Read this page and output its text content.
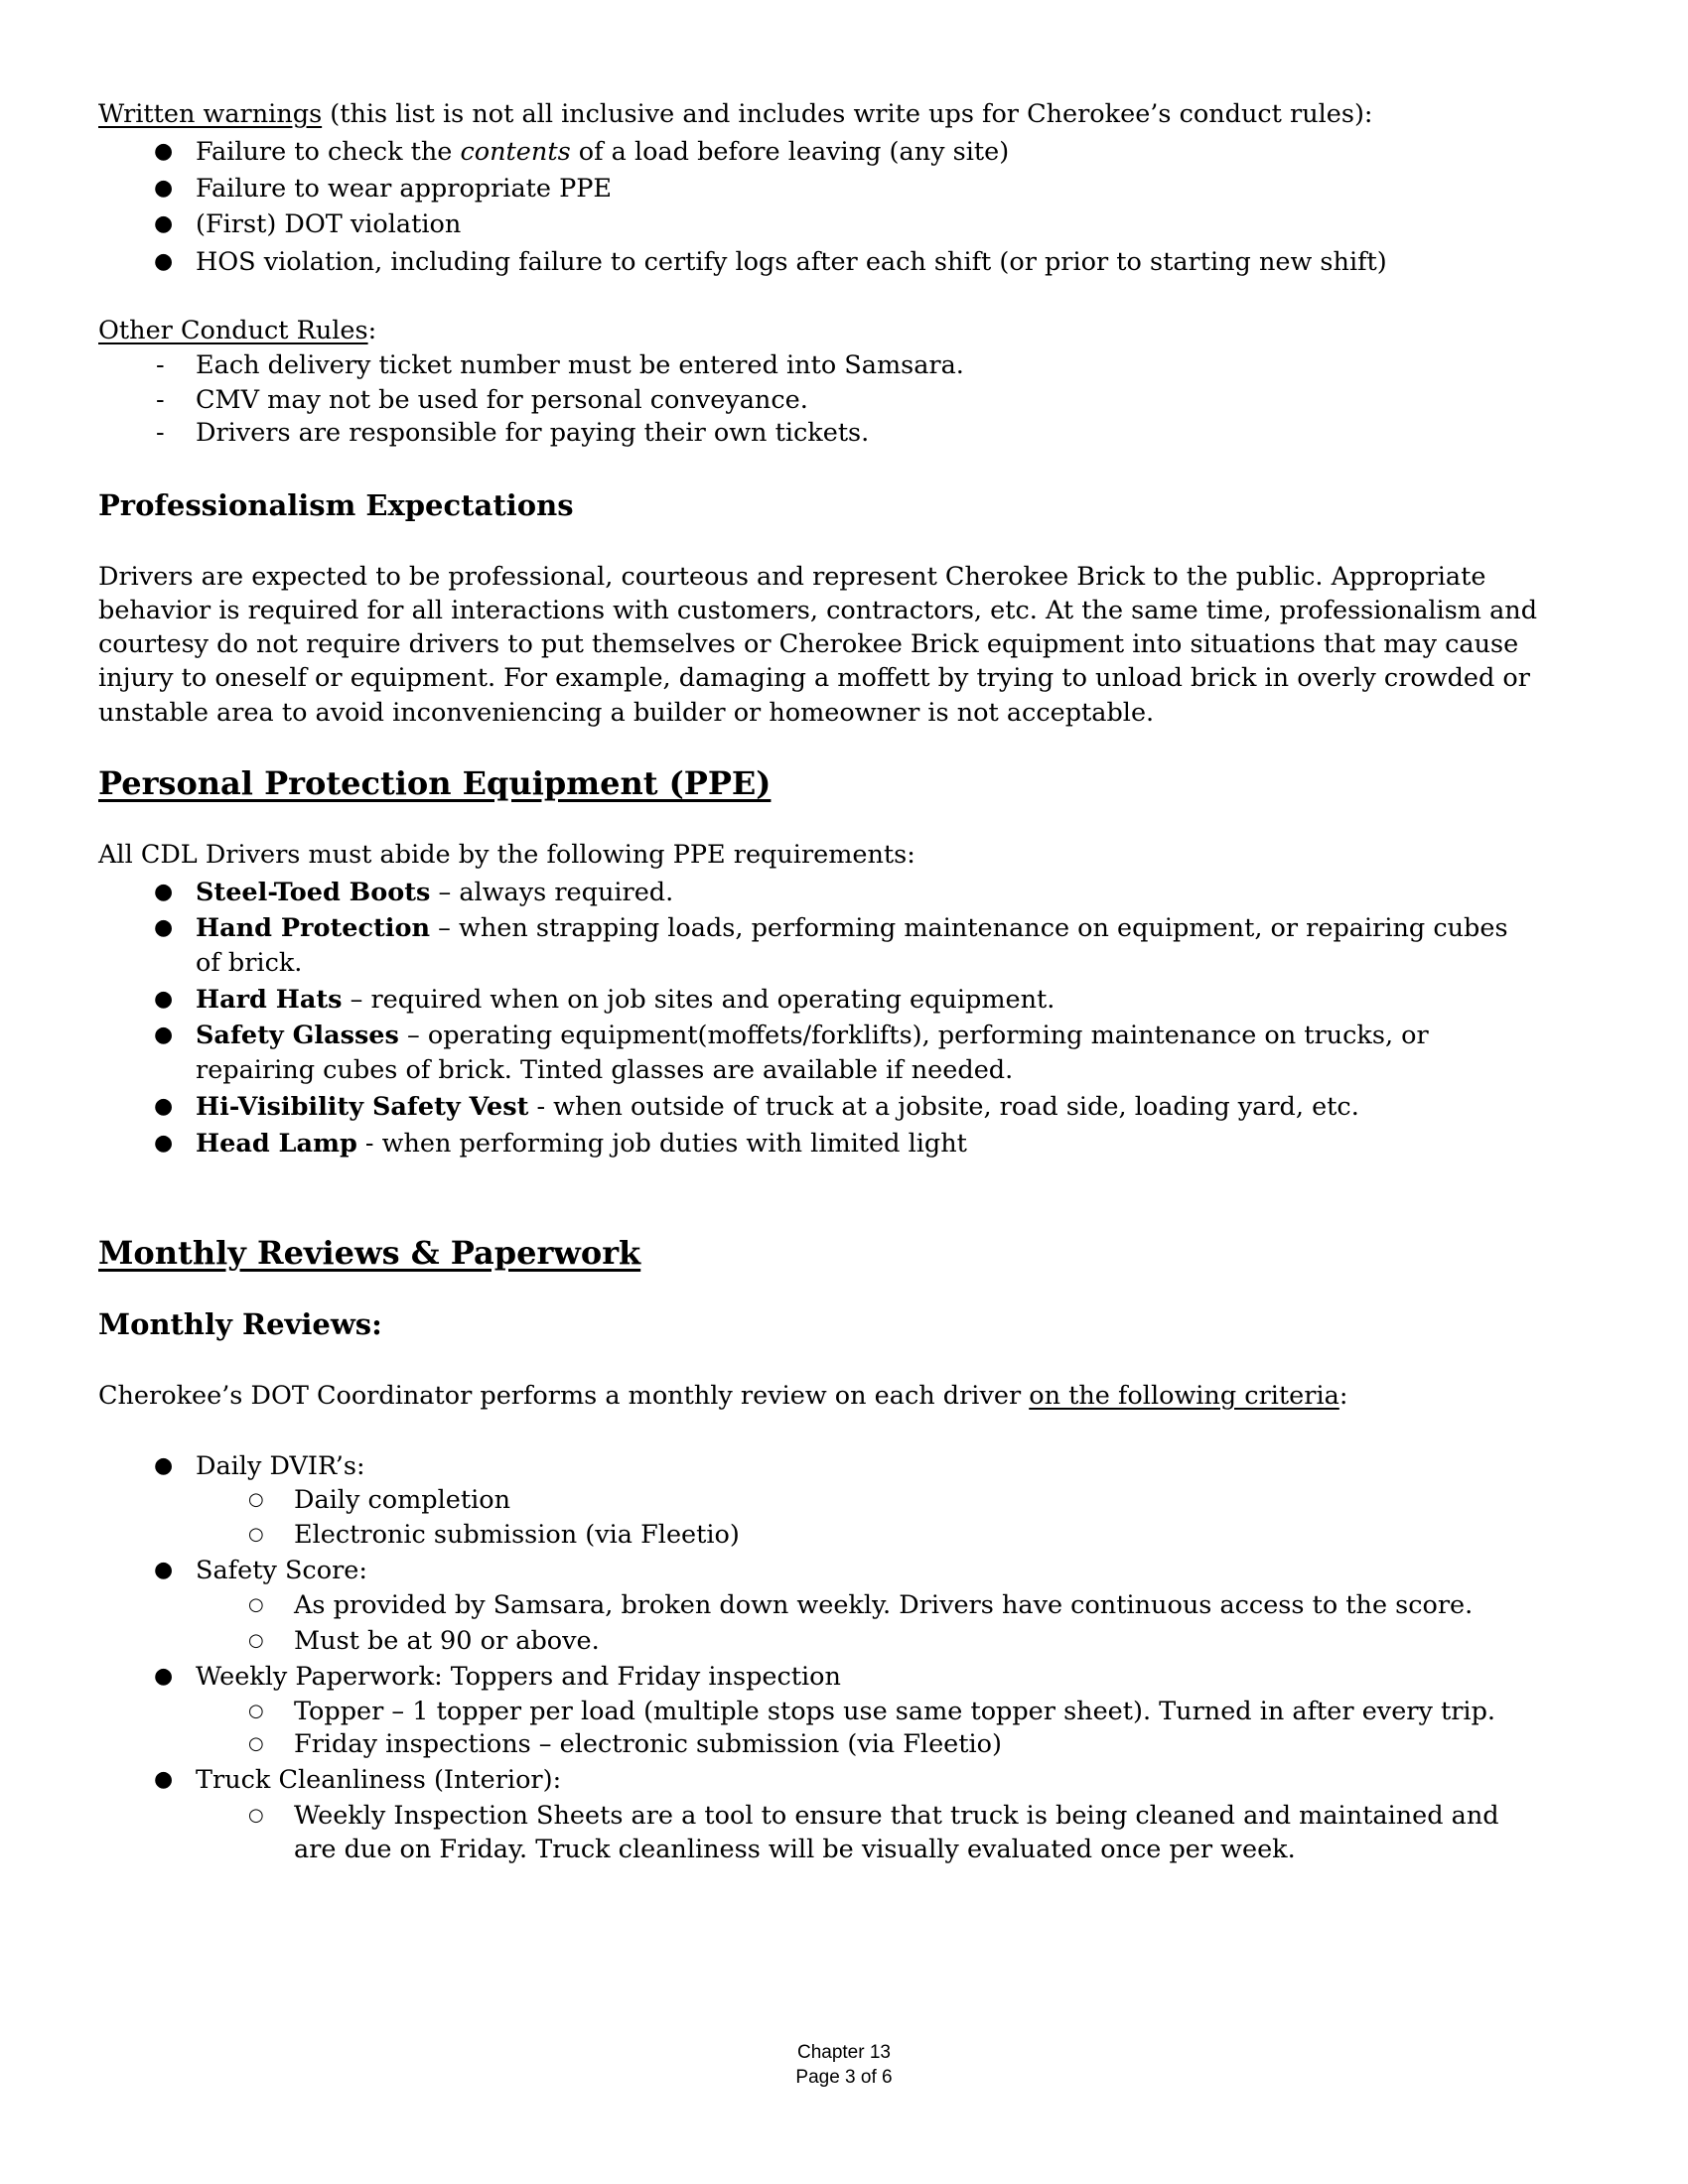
Written warnings (this list is not all inclusive and includes write ups for Cherokee’s conduct rules):
● Failure to check the contents of a load before leaving (any site)
● Failure to wear appropriate PPE
● (First) DOT violation
● HOS violation, including failure to certify logs after each shift (or prior to starting new shift)
Other Conduct Rules:
- Each delivery ticket number must be entered into Samsara.
- CMV may not be used for personal conveyance.
- Drivers are responsible for paying their own tickets.
Professionalism Expectations
Drivers are expected to be professional, courteous and represent Cherokee Brick to the public. Appropriate
behavior is required for all interactions with customers, contractors, etc. At the same time, professionalism and
courtesy do not require drivers to put themselves or Cherokee Brick equipment into situations that may cause
injury to oneself or equipment. For example, damaging a moffett by trying to unload brick in overly crowded or
unstable area to avoid inconveniencing a builder or homeowner is not acceptable.
Personal Protection Equipment (PPE)
All CDL Drivers must abide by the following PPE requirements:
● Steel-Toed Boots – always required.
● Hand Protection – when strapping loads, performing maintenance on equipment, or repairing cubes
of brick.
● Hard Hats – required when on job sites and operating equipment.
● Safety Glasses – operating equipment(moffets/forklifts), performing maintenance on trucks, or
repairing cubes of brick. Tinted glasses are available if needed.
● Hi-Visibility Safety Vest - when outside of truck at a jobsite, road side, loading yard, etc.
● Head Lamp - when performing job duties with limited light
Monthly Reviews & Paperwork
Monthly Reviews:
Cherokee’s DOT Coordinator performs a monthly review on each driver on the following criteria:
● Daily DVIR’s:
○ Daily completion
○ Electronic submission (via Fleetio)
● Safety Score:
○ As provided by Samsara, broken down weekly. Drivers have continuous access to the score.
○ Must be at 90 or above.
● Weekly Paperwork: Toppers and Friday inspection
○ Topper – 1 topper per load (multiple stops use same topper sheet). Turned in after every trip.
○ Friday inspections – electronic submission (via Fleetio)
● Truck Cleanliness (Interior):
○ Weekly Inspection Sheets are a tool to ensure that truck is being cleaned and maintained and
are due on Friday. Truck cleanliness will be visually evaluated once per week.
Chapter 13
Page 3 of 6
